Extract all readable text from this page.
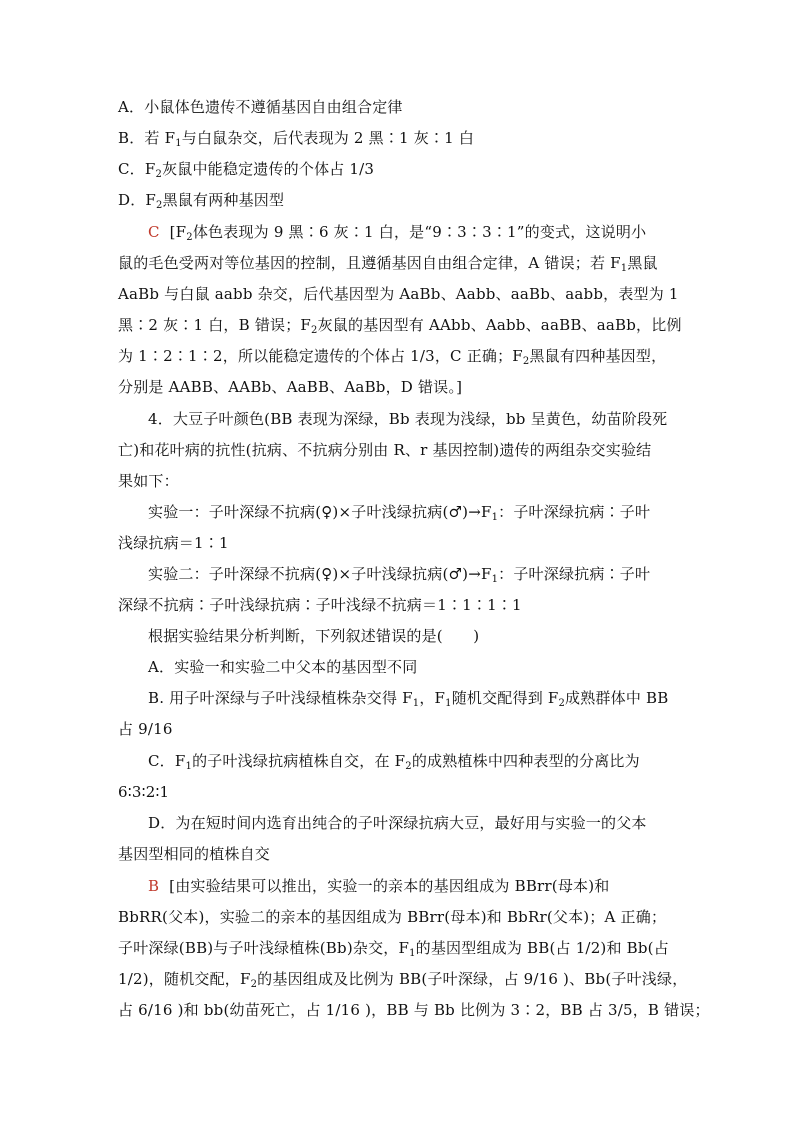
A．小鼠体色遗传不遵循基因自由组合定律
B．若 $F_1$与白鼠杂交，后代表现为 2 黑∶1 灰∶1 白
C．$F_2$灰鼠中能稳定遗传的个体占 1/3
D．$F_2$黑鼠有两种基因型
C [$F_2$体色表现为 9 黑∶6 灰∶1 白，是“9∶3∶3∶1”的变式，这说明小
鼠的毛色受两对等位基因的控制，且遵循基因自由组合定律，A 错误；若 $F_1$黑鼠
AaBb 与白鼠 aabb 杂交，后代基因型为 AaBb、Aabb、aaBb、aabb，表型为 1
黑∶2 灰∶1 白，B 错误；$F_2$灰鼠的基因型有 AAbb、Aabb、aaBB、aaBb，比例
为 1∶2∶1∶2，所以能稳定遗传的个体占 1/3，C 正确；$F_2$黑鼠有四种基因型，
分别是 AABB、AABb、AaBB、AaBb，D 错误。]
4．大豆子叶颜色(BB 表现为深绿，Bb 表现为浅绿，bb 呈黄色，幼苗阶段死
亡)和花叶病的抗性(抗病、不抗病分别由 R、r 基因控制)遗传的两组杂交实验结
果如下：
实验一：子叶深绿不抗病(♀)×子叶浅绿抗病$(♂)\to F_1$：子叶深绿抗病∶子叶
浅绿抗病＝1∶1
实验二：子叶深绿不抗病(♀)×子叶浅绿抗病$(♂)\to F_1$：子叶深绿抗病∶子叶
深绿不抗病∶子叶浅绿抗病∶子叶浅绿不抗病＝1∶1∶1∶1
根据实验结果分析判断，下列叙述错误的是(　　)
A．实验一和实验二中父本的基因型不同
B. 用子叶深绿与子叶浅绿植株杂交得 $F_1$，$F_1$随机交配得到 $F_2$成熟群体中 BB
占 9/16
C．$F_1$的子叶浅绿抗病植株自交，在 $F_2$的成熟植株中四种表型的分离比为
6∶3∶2∶1
D．为在短时间内选育出纯合的子叶深绿抗病大豆，最好用与实验一的父本
基因型相同的植株自交
B [由实验结果可以推出，实验一的亲本的基因组成为 BBrr(母本)和
BbRR(父本)，实验二的亲本的基因组成为 BBrr(母本)和 BbRr(父本)；A 正确；
子叶深绿(BB)与子叶浅绿植株(Bb)杂交，$F_1$的基因型组成为 BB(占 1/2)和 Bb(占
1/2)，随机交配，$F_2$的基因组成及比例为 BB(子叶深绿，占 9/16 )、Bb(子叶浅绿，
占 6/16 )和 bb(幼苗死亡，占 1/16 )，BB 与 Bb 比例为 3∶2，BB 占 3/5，B 错误；
